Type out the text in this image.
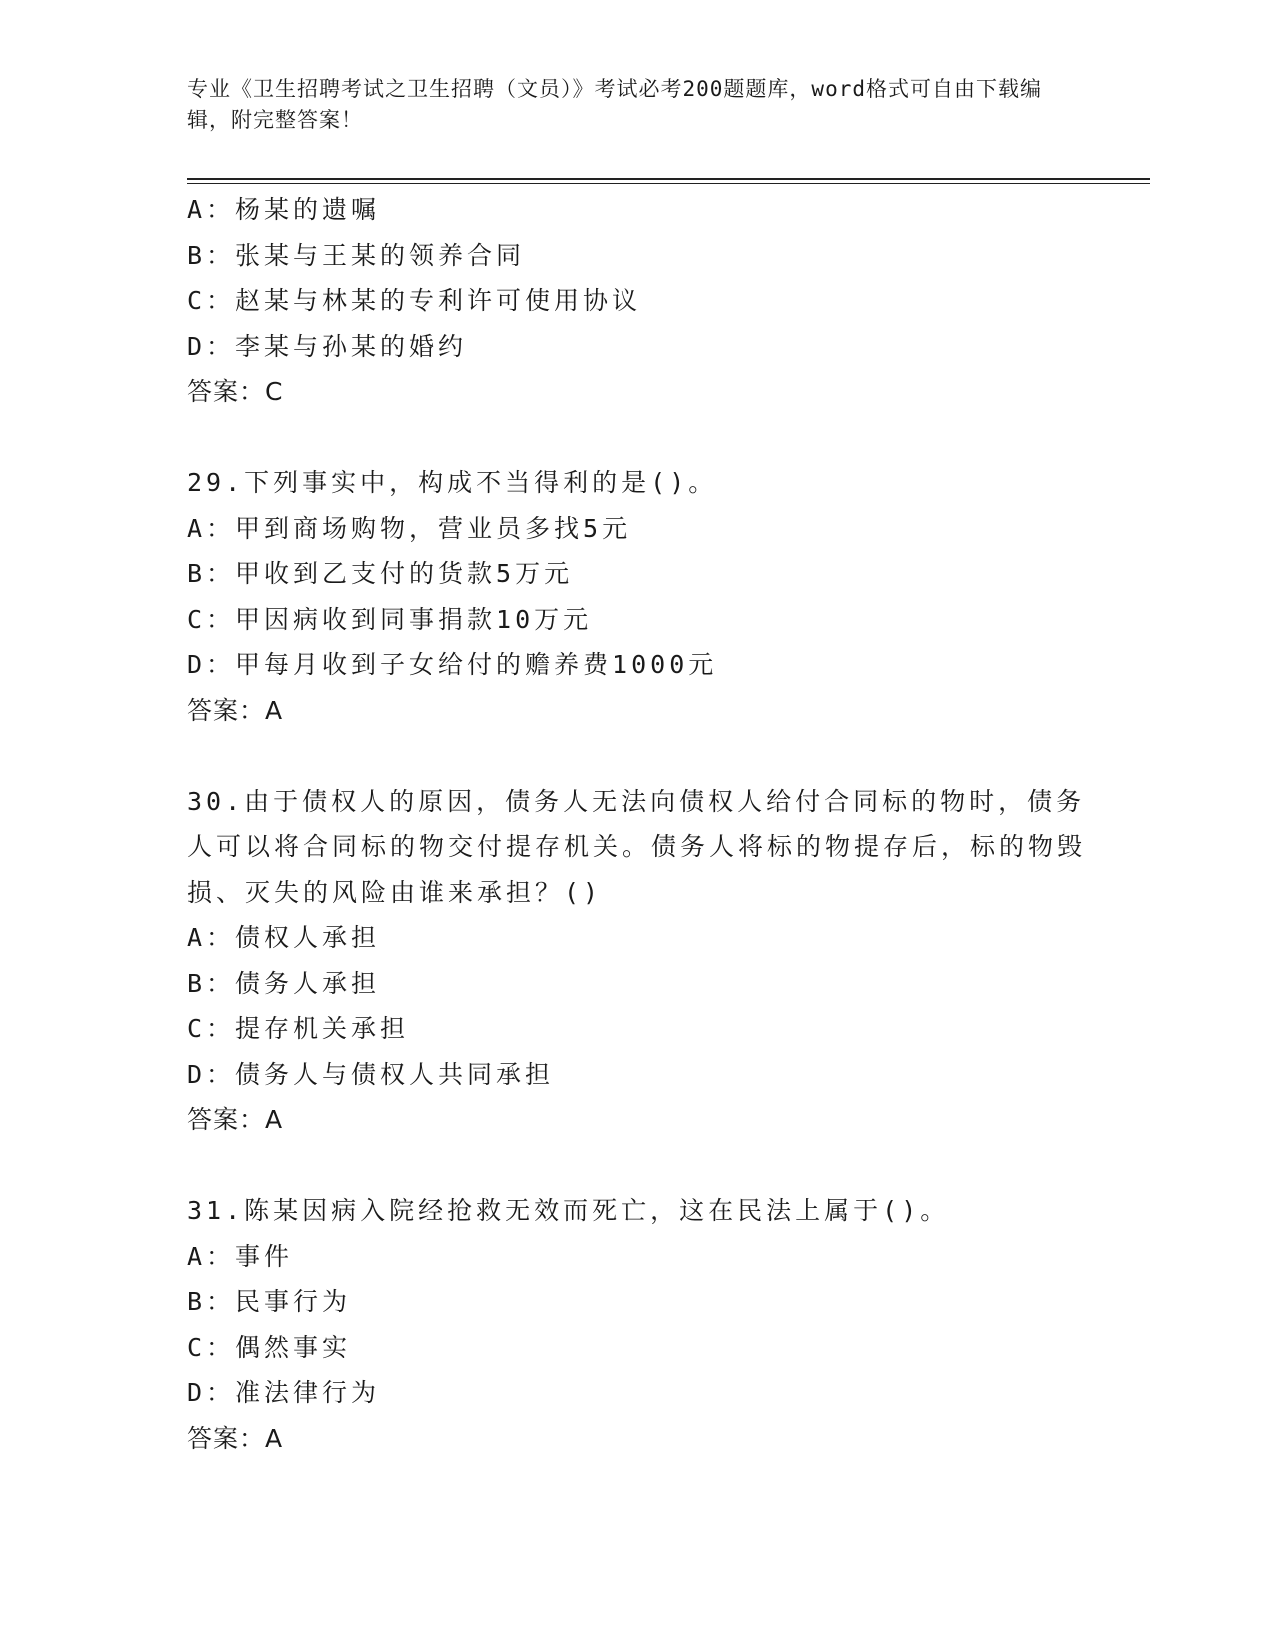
专业《卫生招聘考试之卫生招聘（文员）》考试必考200题题库，word格式可自由下载编辑，附完整答案！
A：杨某的遗嘱
B：张某与王某的领养合同
C：赵某与林某的专利许可使用协议
D：李某与孙某的婚约
答案：C
29.下列事实中，构成不当得利的是()。
A：甲到商场购物，营业员多找5元
B：甲收到乙支付的货款5万元
C：甲因病收到同事捐款10万元
D：甲每月收到子女给付的赡养费1000元
答案：A
30.由于债权人的原因，债务人无法向债权人给付合同标的物时，债务人可以将合同标的物交付提存机关。债务人将标的物提存后，标的物毁损、灭失的风险由谁来承担？()
A：债权人承担
B：债务人承担
C：提存机关承担
D：债务人与债权人共同承担
答案：A
31.陈某因病入院经抢救无效而死亡，这在民法上属于()。
A：事件
B：民事行为
C：偶然事实
D：准法律行为
答案：A
